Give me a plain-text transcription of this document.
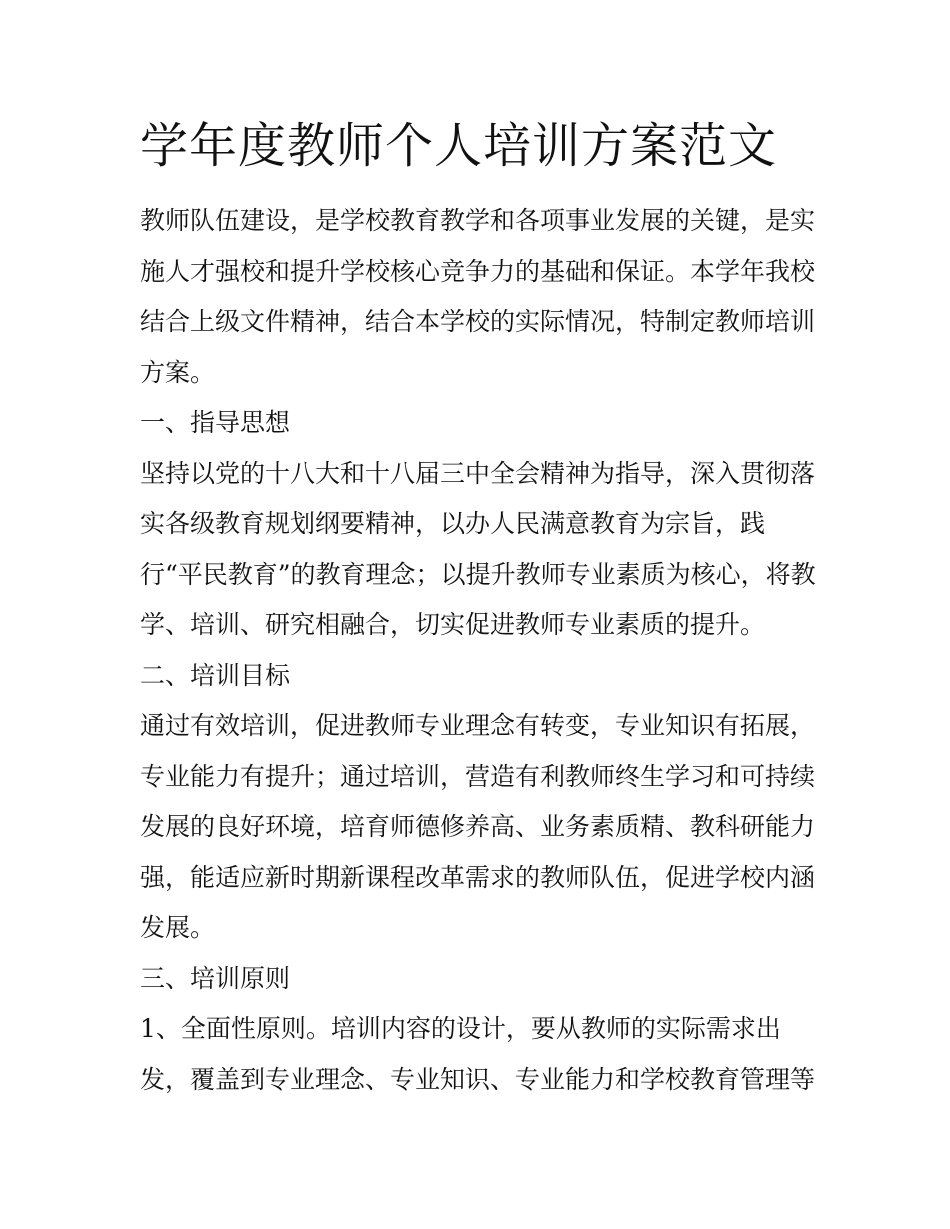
学年度教师个人培训方案范文
教师队伍建设，是学校教育教学和各项事业发展的关键，是实
施人才强校和提升学校核心竞争力的基础和保证。本学年我校
结合上级文件精神，结合本学校的实际情况，特制定教师培训
方案。
一、指导思想
坚持以党的十八大和十八届三中全会精神为指导，深入贯彻落
实各级教育规划纲要精神，以办人民满意教育为宗旨，践
行“平民教育”的教育理念；以提升教师专业素质为核心，将教
学、培训、研究相融合，切实促进教师专业素质的提升。
二、培训目标
通过有效培训，促进教师专业理念有转变，专业知识有拓展，
专业能力有提升；通过培训，营造有利教师终生学习和可持续
发展的良好环境，培育师德修养高、业务素质精、教科研能力
强，能适应新时期新课程改革需求的教师队伍，促进学校内涵
发展。
三、培训原则
1、全面性原则。培训内容的设计，要从教师的实际需求出
发，覆盖到专业理念、专业知识、专业能力和学校教育管理等
